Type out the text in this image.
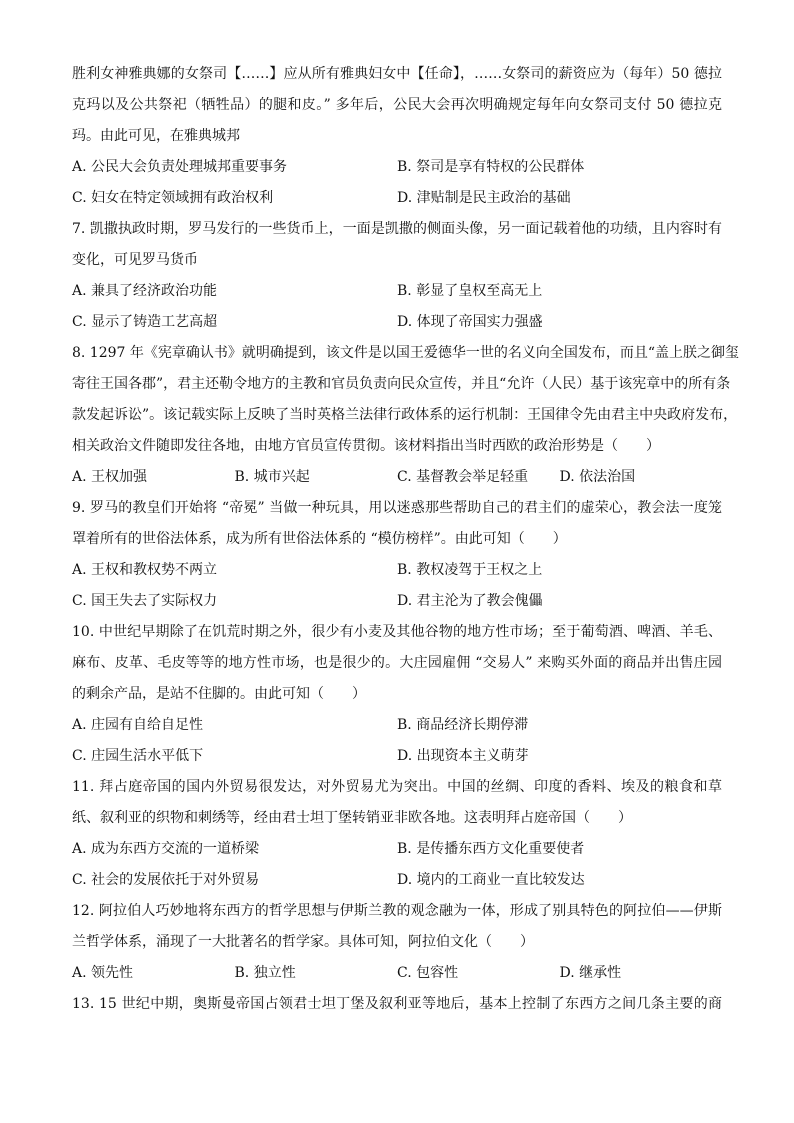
胜利女神雅典娜的女祭司【……】应从所有雅典妇女中【任命】，……女祭司的薪资应为（每年）50 德拉
克玛以及公共祭祀（牺牲品）的腿和皮。” 多年后，公民大会再次明确规定每年向女祭司支付 50 德拉克
玛。由此可见，在雅典城邦
A. 公民大会负责处理城邦重要事务	B. 祭司是享有特权的公民群体
C. 妇女在特定领域拥有政治权利	D. 津贴制是民主政治的基础
7. 凯撒执政时期，罗马发行的一些货币上，一面是凯撒的侧面头像，另一面记载着他的功绩，且内容时有
变化，可见罗马货币
A. 兼具了经济政治功能	B. 彰显了皇权至高无上
C. 显示了铸造工艺高超	D. 体现了帝国实力强盛
8. 1297 年《宪章确认书》就明确提到，该文件是以国王爱德华一世的名义向全国发布，而且“盖上朕之御玺
寄往王国各郡”，君主还勒令地方的主教和官员负责向民众宣传，并且“允许（人民）基于该宪章中的所有条
款发起诉讼”。该记载实际上反映了当时英格兰法律行政体系的运行机制：王国律令先由君主中央政府发布，
相关政治文件随即发往各地，由地方官员宣传贯彻。该材料指出当时西欧的政治形势是（　　）
A. 王权加强	B. 城市兴起	C. 基督教会举足轻重	D. 依法治国
9. 罗马的教皇们开始将 “帝冕” 当做一种玩具，用以迷惑那些帮助自己的君主们的虚荣心，教会法一度笼
罩着所有的世俗法体系，成为所有世俗法体系的 “模仿榜样”。由此可知（　　）
A. 王权和教权势不两立	B. 教权凌驾于王权之上
C. 国王失去了实际权力	D. 君主沦为了教会傀儡
10. 中世纪早期除了在饥荒时期之外，很少有小麦及其他谷物的地方性市场；至于葡萄酒、啤酒、羊毛、
麻布、皮革、毛皮等等的地方性市场，也是很少的。大庄园雇佣 “交易人” 来购买外面的商品并出售庄园
的剩余产品，是站不住脚的。由此可知（　　）
A. 庄园有自给自足性	B. 商品经济长期停滞
C. 庄园生活水平低下	D. 出现资本主义萌芽
11. 拜占庭帝国的国内外贸易很发达，对外贸易尤为突出。中国的丝绸、印度的香料、埃及的粮食和草
纸、叙利亚的织物和刺绣等，经由君士坦丁堡转销亚非欧各地。这表明拜占庭帝国（　　）
A. 成为东西方交流的一道桥梁	B. 是传播东西方文化重要使者
C. 社会的发展依托于对外贸易	D. 境内的工商业一直比较发达
12. 阿拉伯人巧妙地将东西方的哲学思想与伊斯兰教的观念融为一体，形成了别具特色的阿拉伯——伊斯
兰哲学体系，涌现了一大批著名的哲学家。具体可知，阿拉伯文化（　　）
A. 领先性	B. 独立性	C. 包容性	D. 继承性
13. 15 世纪中期，奥斯曼帝国占领君士坦丁堡及叙利亚等地后，基本上控制了东西方之间几条主要的商
